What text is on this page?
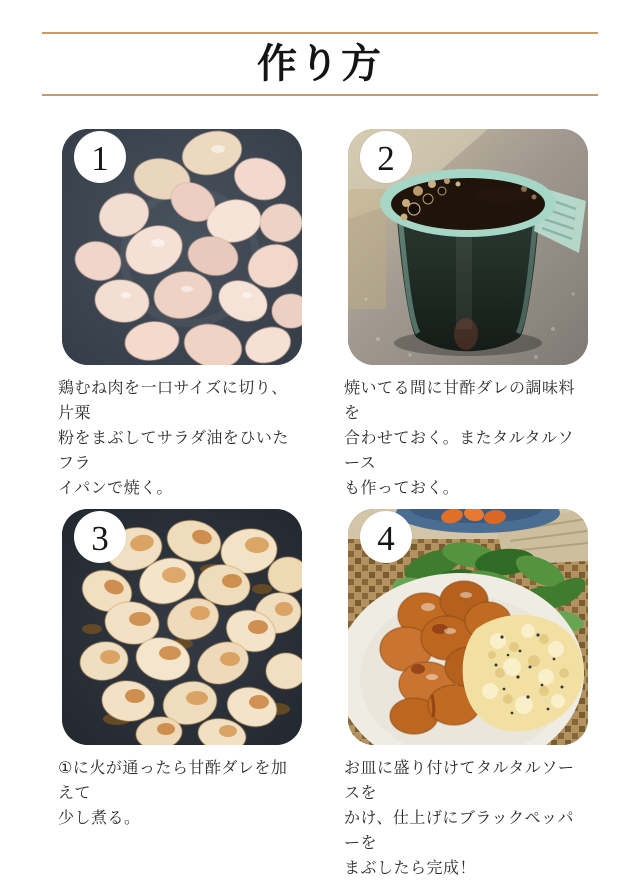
作り方
1
鶏むね肉を一口サイズに切り、片栗
粉をまぶしてサラダ油をひいたフラ
イパンで焼く。
2
焼いてる間に甘酢ダレの調味料を
合わせておく。またタルタルソース
も作っておく。
3
①に火が通ったら甘酢ダレを加えて
少し煮る。
4
お皿に盛り付けてタルタルソースを
かけ、仕上げにブラックペッパーを
まぶしたら完成！
